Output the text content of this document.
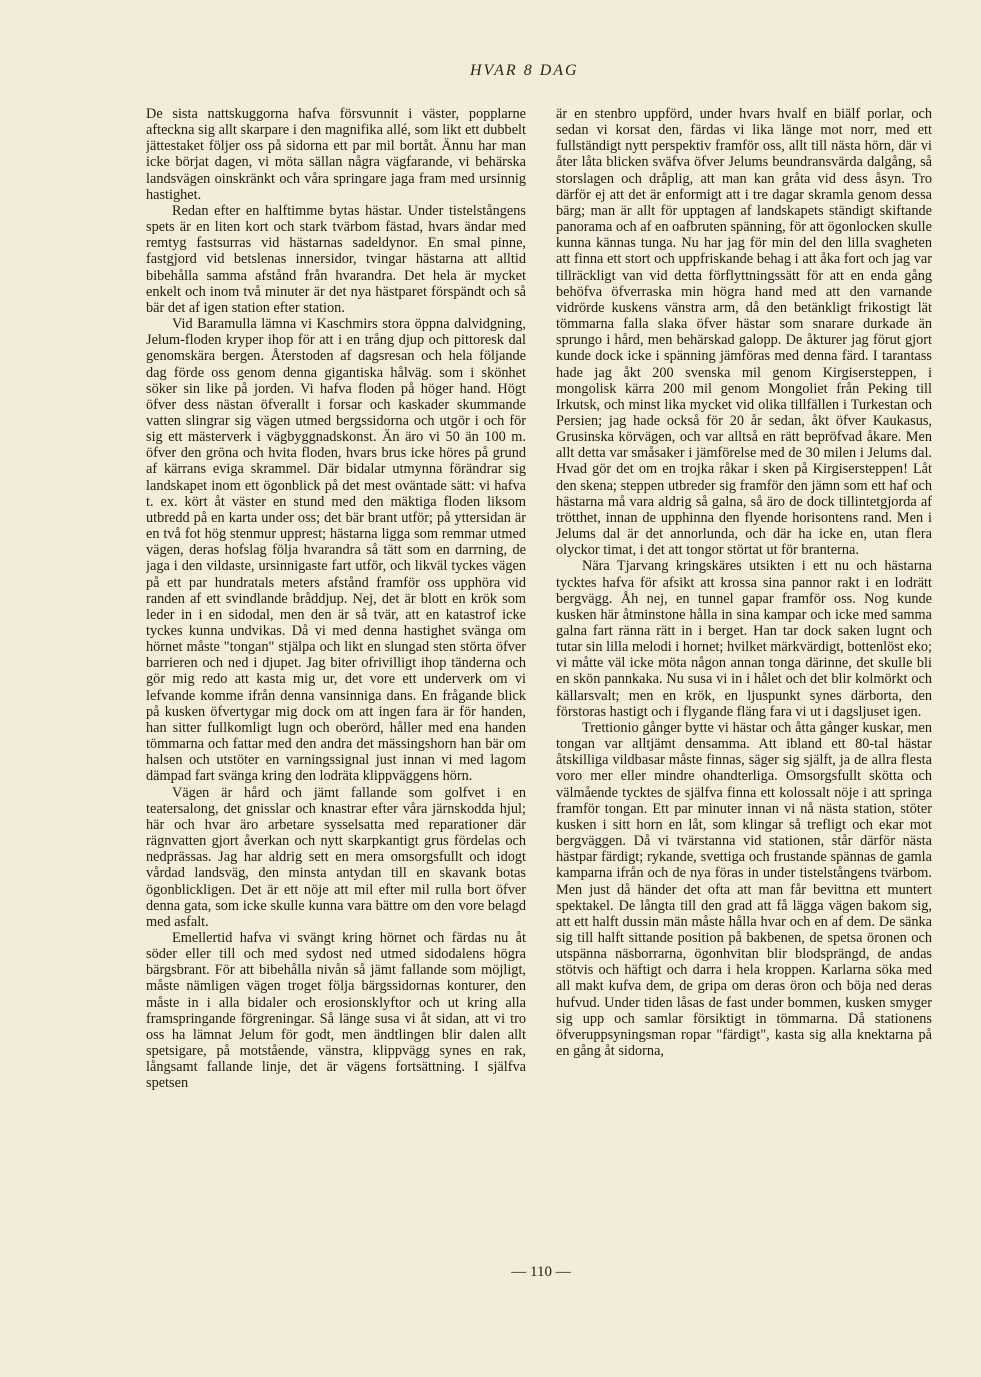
HVAR 8 DAG

De sista nattskuggorna hafva försvunnit i väster, popplarne afteckna sig allt skarpare i den magnifika allé, som likt ett dubbelt jättestaket följer oss på sidorna ett par mil bortåt. Ännu har man icke börjat dagen, vi möta sällan några vägfarande, vi behärska landsvägen oinskränkt och våra springare jaga fram med ursinnig hastighet.

Redan efter en halftimme bytas hästar. Under tistelstångens spets är en liten kort och stark tvärbom fästad, hvars ändar med remtyg fastsurras vid hästarnas sadeldynor. En smal pinne, fastgjord vid betslenas innersidor, tvingar hästarna att alltid bibehålla samma afstånd från hvarandra. Det hela är mycket enkelt och inom två minuter är det nya hästparet förspändt och så bär det af igen station efter station.

Vid Baramulla lämna vi Kaschmirs stora öppna dalvidgning, Jelum-floden kryper ihop för att i en trång djup och pittoresk dal genomskära bergen. Återstoden af dagsresan och hela följande dag förde oss genom denna gigantiska hålväg. som i skönhet söker sin like på jorden. Vi hafva floden på höger hand. Högt öfver dess nästan öfverallt i forsar och kaskader skummande vatten slingrar sig vägen utmed bergssidorna och utgör i och för sig ett mästerverk i vägbyggnadskonst. Än äro vi 50 än 100 m. öfver den gröna och hvita floden, hvars brus icke höres på grund af kärrans eviga skrammel. Där bidalar utmynna förändrar sig landskapet inom ett ögonblick på det mest oväntade sätt: vi hafva t. ex. kört åt väster en stund med den mäktiga floden liksom utbredd på en karta under oss; det bär brant utför; på yttersidan är en två fot hög stenmur upprest; hästarna ligga som remmar utmed vägen, deras hofslag följa hvarandra så tätt som en darrning, de jaga i den vildaste, ursinnigaste fart utför, och likväl tyckes vägen på ett par hundratals meters afstånd framför oss upphöra vid randen af ett svindlande bråddjup. Nej, det är blott en krök som leder in i en sidodal, men den är så tvär, att en katastrof icke tyckes kunna undvikas. Då vi med denna hastighet svänga om hörnet måste "tongan" stjälpa och likt en slungad sten störta öfver barrieren och ned i djupet. Jag biter ofrivilligt ihop tänderna och gör mig redo att kasta mig ur, det vore ett underverk om vi lefvande komme ifrån denna vansinniga dans. En frågande blick på kusken öfvertygar mig dock om att ingen fara är för handen, han sitter fullkomligt lugn och oberörd, håller med ena handen tömmarna och fattar med den andra det mässingshorn han bär om halsen och utstöter en varningssignal just innan vi med lagom dämpad fart svänga kring den lodräta klippväggens hörn.

Vägen är hård och jämt fallande som golfvet i en teatersalong, det gnisslar och knastrar efter våra järnskodda hjul; här och hvar äro arbetare sysselsatta med reparationer där rägnvatten gjort åverkan och nytt skarpkantigt grus fördelas och nedprässas. Jag har aldrig sett en mera omsorgsfullt och idogt vårdad landsväg, den minsta antydan till en skavank botas ögonblickligen. Det är ett nöje att mil efter mil rulla bort öfver denna gata, som icke skulle kunna vara bättre om den vore belagd med asfalt.

Emellertid hafva vi svängt kring hörnet och färdas nu åt söder eller till och med sydost ned utmed sidodalens högra bärgsbrant. För att bibehålla nivån så jämt fallande som möjligt, måste nämligen vägen troget följa bärgssidornas konturer, den måste in i alla bidaler och erosionsklyftor och ut kring alla framspringande förgreningar. Så länge susa vi åt sidan, att vi tro oss ha lämnat Jelum för godt, men ändtlingen blir dalen allt spetsigare, på motstående, vänstra, klippvägg synes en rak, långsamt fallande linje, det är vägens fortsättning. I själfva spetsen

är en stenbro uppförd, under hvars hvalf en biälf porlar, och sedan vi korsat den, färdas vi lika länge mot norr, med ett fullständigt nytt perspektiv framför oss, allt till nästa hörn, där vi åter låta blicken sväfva öfver Jelums beundransvärda dalgång, så storslagen och dråplig, att man kan gråta vid dess åsyn. Tro därför ej att det är enformigt att i tre dagar skramla genom dessa bärg; man är allt för upptagen af landskapets ständigt skiftande panorama och af en oafbruten spänning, för att ögonlocken skulle kunna kännas tunga. Nu har jag för min del den lilla svagheten att finna ett stort och uppfriskande behag i att åka fort och jag var tillräckligt van vid detta förflyttningssätt för att en enda gång behöfva öfverraska min högra hand med att den varnande vidrörde kuskens vänstra arm, då den betänkligt frikostigt lät tömmarna falla slaka öfver hästar som snarare durkade än sprungo i hård, men behärskad galopp. De åkturer jag förut gjort kunde dock icke i spänning jämföras med denna färd. I tarantass hade jag åkt 200 svenska mil genom Kirgisersteppen, i mongolisk kärra 200 mil genom Mongoliet från Peking till Irkutsk, och minst lika mycket vid olika tillfällen i Turkestan och Persien; jag hade också för 20 år sedan, åkt öfver Kaukasus, Grusinska körvägen, och var alltså en rätt bepröfvad åkare. Men allt detta var småsaker i jämförelse med de 30 milen i Jelums dal. Hvad gör det om en trojka råkar i sken på Kirgisersteppen! Låt den skena; steppen utbreder sig framför den jämn som ett haf och hästarna må vara aldrig så galna, så äro de dock tillintetgjorda af trötthet, innan de upphinna den flyende horisontens rand. Men i Jelums dal är det annorlunda, och där ha icke en, utan flera olyckor timat, i det att tongor störtat ut för branterna.

Nära Tjarvang kringskäres utsikten i ett nu och hästarna tycktes hafva för afsikt att krossa sina pannor rakt i en lodrätt bergvägg. Åh nej, en tunnel gapar framför oss. Nog kunde kusken här åtminstone hålla in sina kampar och icke med samma galna fart ränna rätt in i berget. Han tar dock saken lugnt och tutar sin lilla melodi i hornet; hvilket märkvärdigt, bottenlöst eko; vi måtte väl icke möta någon annan tonga därinne, det skulle bli en skön pannkaka. Nu susa vi in i hålet och det blir kolmörkt och källarsvalt; men en krök, en ljuspunkt synes därborta, den förstoras hastigt och i flygande fläng fara vi ut i dagsljuset igen.

Trettionio gånger bytte vi hästar och åtta gånger kuskar, men tongan var alltjämt densamma. Att ibland ett 80-tal hästar åtskilliga vildbasar måste finnas, säger sig själft, ja de allra flesta voro mer eller mindre ohandterliga. Omsorgsfullt skötta och välmående tycktes de själfva finna ett kolossalt nöje i att springa framför tongan. Ett par minuter innan vi nå nästa station, stöter kusken i sitt horn en låt, som klingar så trefligt och ekar mot bergväggen. Då vi tvärstanna vid stationen, står därför nästa hästpar färdigt; rykande, svettiga och frustande spännas de gamla kamparna ifrån och de nya föras in under tistelstångens tvärbom. Men just då händer det ofta att man får bevittna ett muntert spektakel. De långta till den grad att få lägga vägen bakom sig, att ett halft dussin män måste hålla hvar och en af dem. De sänka sig till halft sittande position på bakbenen, de spetsa öronen och utspänna näsborrarna, ögonhvitan blir blodsprängd, de andas stötvis och häftigt och darra i hela kroppen. Karlarna söka med all makt kufva dem, de gripa om deras öron och böja ned deras hufvud. Under tiden låsas de fast under bommen, kusken smyger sig upp och samlar försiktigt in tömmarna. Då stationens öfveruppsyningsman ropar "färdigt", kasta sig alla knektarna på en gång åt sidorna,

— 110 —
